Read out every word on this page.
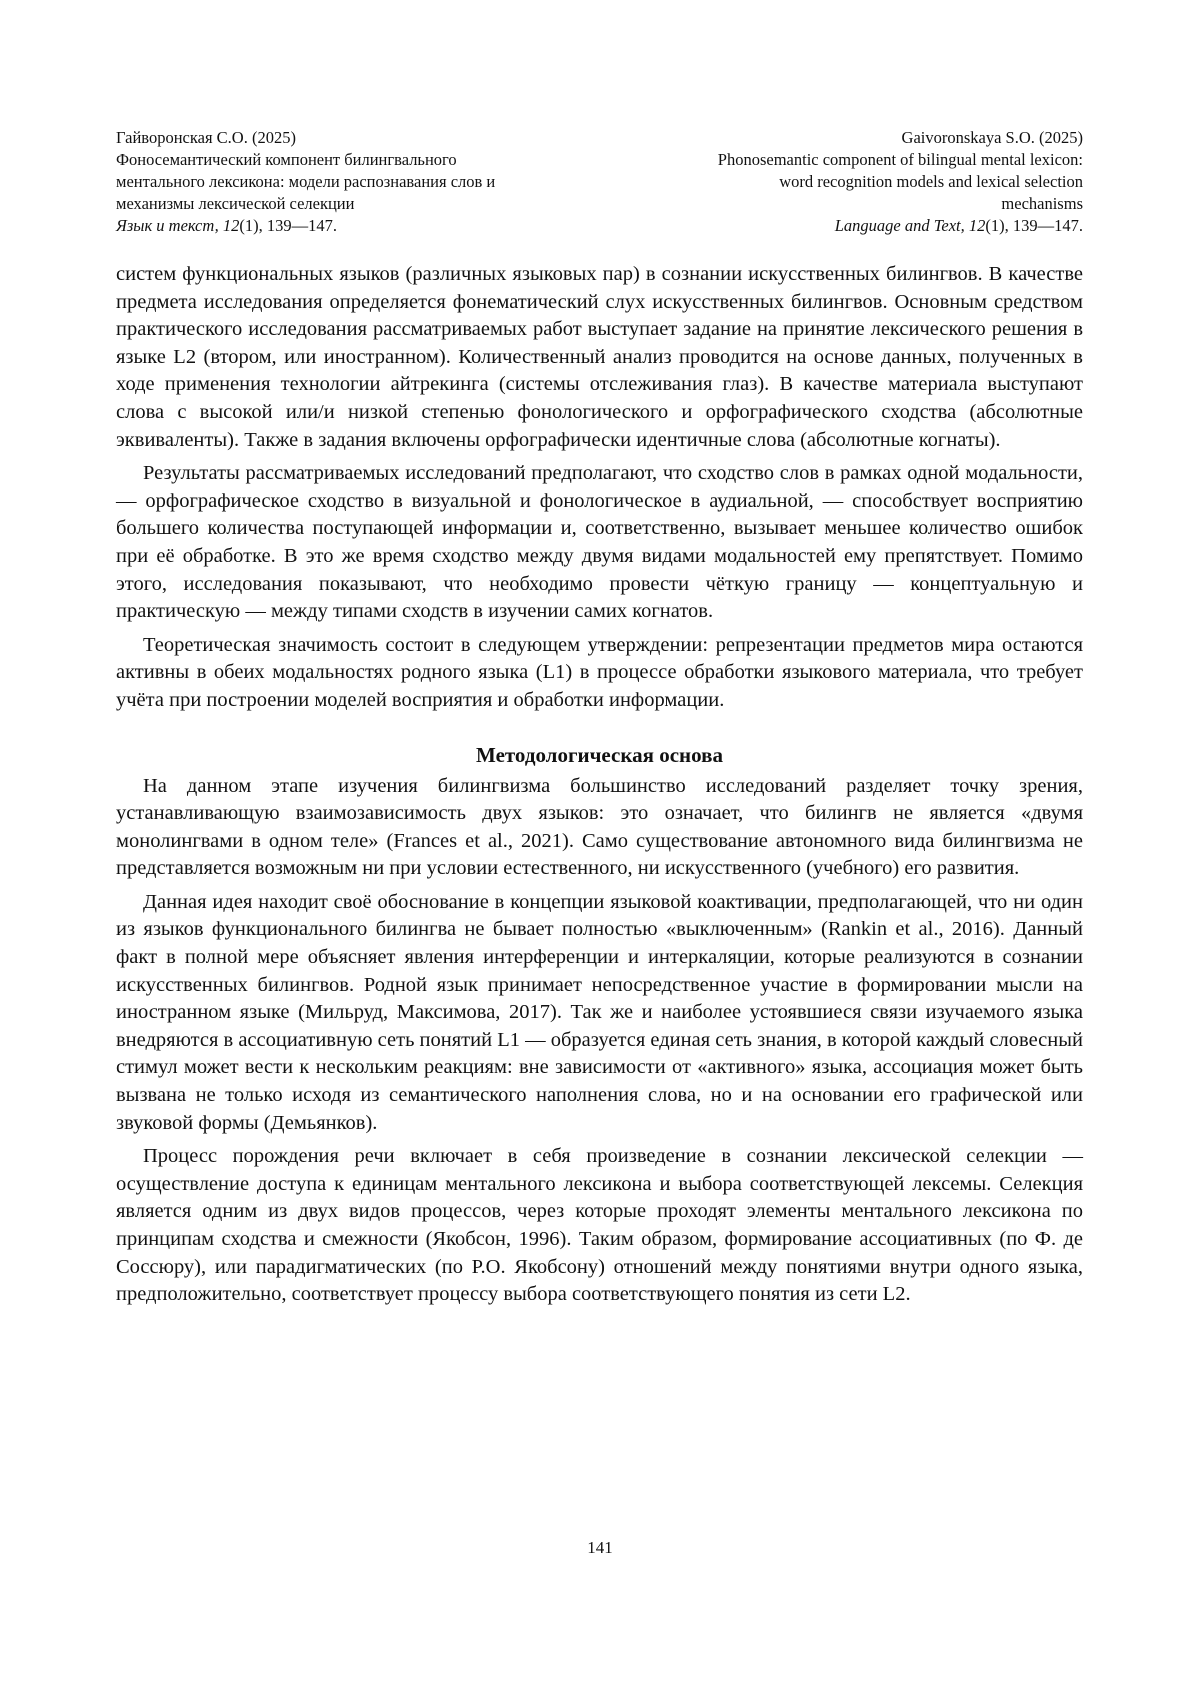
Гайворонская С.О. (2025)
Фоносемантический компонент билингвального
ментального лексикона: модели распознавания слов и
механизмы лексической селекции
Язык и текст, 12(1), 139—147.
Gaivoronskaya S.O. (2025)
Phonosemantic component of bilingual mental lexicon:
word recognition models and lexical selection
mechanisms
Language and Text, 12(1), 139—147.

систем функциональных языков (различных языковых пар) в сознании искусственных билингвов. В качестве предмета исследования определяется фонематический слух искусственных билингвов. Основным средством практического исследования рассматриваемых работ выступает задание на принятие лексического решения в языке L2 (втором, или иностранном). Количественный анализ проводится на основе данных, полученных в ходе применения технологии айтрекинга (системы отслеживания глаз). В качестве материала выступают слова с высокой или/и низкой степенью фонологического и орфографического сходства (абсолютные эквиваленты). Также в задания включены орфографически идентичные слова (абсолютные когнаты).

Результаты рассматриваемых исследований предполагают, что сходство слов в рамках одной модальности, — орфографическое сходство в визуальной и фонологическое в аудиальной, — способствует восприятию большего количества поступающей информации и, соответственно, вызывает меньшее количество ошибок при её обработке. В это же время сходство между двумя видами модальностей ему препятствует. Помимо этого, исследования показывают, что необходимо провести чёткую границу — концептуальную и практическую — между типами сходств в изучении самих когнатов.

Теоретическая значимость состоит в следующем утверждении: репрезентации предметов мира остаются активны в обеих модальностях родного языка (L1) в процессе обработки языкового материала, что требует учёта при построении моделей восприятия и обработки информации.

Методологическая основа

На данном этапе изучения билингвизма большинство исследований разделяет точку зрения, устанавливающую взаимозависимость двух языков: это означает, что билингв не является «двумя монолингвами в одном теле» (Frances et al., 2021). Само существование автономного вида билингвизма не представляется возможным ни при условии естественного, ни искусственного (учебного) его развития.

Данная идея находит своё обоснование в концепции языковой коактивации, предполагающей, что ни один из языков функционального билингва не бывает полностью «выключенным» (Rankin et al., 2016). Данный факт в полной мере объясняет явления интерференции и интеркаляции, которые реализуются в сознании искусственных билингвов. Родной язык принимает непосредственное участие в формировании мысли на иностранном языке (Мильруд, Максимова, 2017). Так же и наиболее устоявшиеся связи изучаемого языка внедряются в ассоциативную сеть понятий L1 — образуется единая сеть знания, в которой каждый словесный стимул может вести к нескольким реакциям: вне зависимости от «активного» языка, ассоциация может быть вызвана не только исходя из семантического наполнения слова, но и на основании его графической или звуковой формы (Демьянков).

Процесс порождения речи включает в себя произведение в сознании лексической селекции — осуществление доступа к единицам ментального лексикона и выбора соответствующей лексемы. Селекция является одним из двух видов процессов, через которые проходят элементы ментального лексикона по принципам сходства и смежности (Якобсон, 1996). Таким образом, формирование ассоциативных (по Ф. де Соссюру), или парадигматических (по Р.О. Якобсону) отношений между понятиями внутри одного языка, предположительно, соответствует процессу выбора соответствующего понятия из сети L2.

141
